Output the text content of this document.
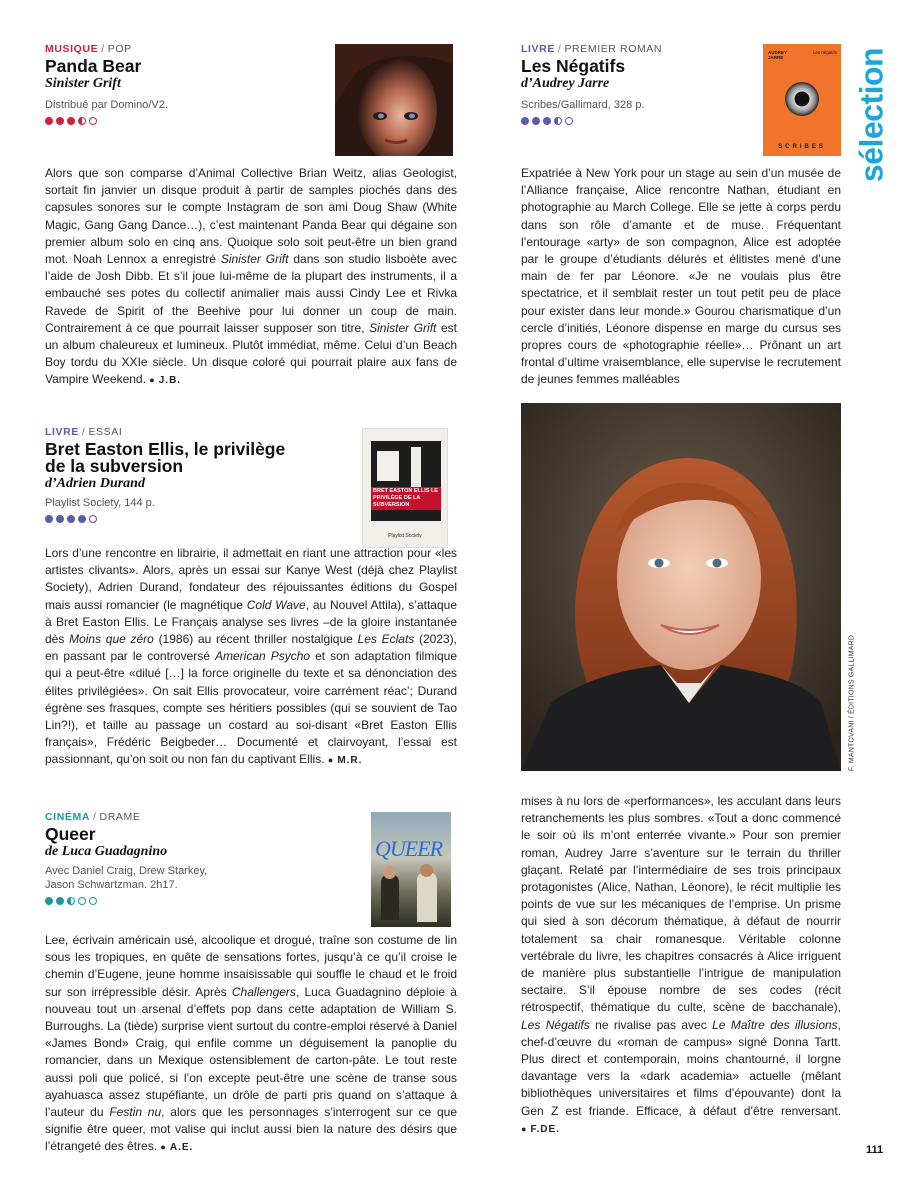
MUSIQUE / POP
Panda Bear
Sinister Grift
Distribué par Domino/V2.
Alors que son comparse d’Animal Collective Brian Weitz, alias Geologist, sortait fin janvier un disque produit à partir de samples piochés dans des capsules sonores sur le compte Instagram de son ami Doug Shaw (White Magic, Gang Gang Dance…), c’est maintenant Panda Bear qui dégaine son premier album solo en cinq ans. Quoique solo soit peut-être un bien grand mot. Noah Lennox a enregistré Sinister Grift dans son studio lisboète avec l’aide de Josh Dibb. Et s’il joue lui-même de la plupart des instruments, il a embauché ses potes du collectif animalier mais aussi Cindy Lee et Rivka Ravede de Spirit of the Beehive pour lui donner un coup de main. Contrairement à ce que pourrait laisser supposer son titre, Sinister Grift est un album chaleureux et lumineux. Plutôt immédiat, même. Celui d’un Beach Boy tordu du XXIe siècle. Un disque coloré qui pourrait plaire aux fans de Vampire Weekend. ● J.B.
LIVRE / ESSAI
Bret Easton Ellis, le privilège de la subversion
d’Adrien Durand
Playlist Society, 144 p.
BRET EASTON ELLIS LE PRIVILÈGE DE LA SUBVERSION
Playlist Society
Lors d’une rencontre en librairie, il admettait en riant une attraction pour «les artistes clivants». Alors, après un essai sur Kanye West (déjà chez Playlist Society), Adrien Durand, fondateur des réjouissantes éditions du Gospel mais aussi romancier (le magnétique Cold Wave, au Nouvel Attila), s’attaque à Bret Easton Ellis. Le Français analyse ses livres –de la gloire instantanée dès Moins que zéro (1986) au récent thriller nostalgique Les Eclats (2023), en passant par le controversé American Psycho et son adaptation filmique qui a peut-être «dilué […] la force originelle du texte et sa dénonciation des élites privilégiées». On sait Ellis provocateur, voire carrément réac’; Durand égrène ses frasques, compte ses héritiers possibles (qui se souvient de Tao Lin?!), et taille au passage un costard au soi-disant «Bret Easton Ellis français», Frédéric Beigbeder… Documenté et clairvoyant, l’essai est passionnant, qu’on soit ou non fan du captivant Ellis. ● M.R.
CINÉMA / DRAME
Queer
de Luca Guadagnino
Avec Daniel Craig, Drew Starkey, Jason Schwartzman. 2h17.
QUEER
Lee, écrivain américain usé, alcoolique et drogué, traîne son costume de lin sous les tropiques, en quête de sensations fortes, jusqu’à ce qu’il croise le chemin d’Eugene, jeune homme insaisissable qui souffle le chaud et le froid sur son irrépressible désir. Après Challengers, Luca Guadagnino déploie à nouveau tout un arsenal d’effets pop dans cette adaptation de William S. Burroughs. La (tiède) surprise vient surtout du contre-emploi réservé à Daniel «James Bond» Craig, qui enfile comme un déguisement la panoplie du romancier, dans un Mexique ostensiblement de carton-pâte. Le tout reste aussi poli que policé, si l’on excepte peut-être une scène de transe sous ayahuasca assez stupéfiante, un drôle de parti pris quand on s’attaque à l’auteur du Festin nu, alors que les personnages s’interrogent sur ce que signifie être queer, mot valise qui inclut aussi bien la nature des désirs que l’étrangeté des êtres. ● A.E.
LIVRE / PREMIER ROMAN
Les Négatifs
d’Audrey Jarre
Scribes/Gallimard, 328 p.
AUDREY JARRE
Les négatifs
SCRIBES sélection
Expatriée à New York pour un stage au sein d’un musée de l’Alliance française, Alice rencontre Nathan, étudiant en photographie au March College. Elle se jette à corps perdu dans son rôle d’amante et de muse. Fréquentant l’entourage «arty» de son compagnon, Alice est adoptée par le groupe d’étudiants délurés et élitistes mené d’une main de fer par Léonore. «Je ne voulais plus être spectatrice, et il semblait rester un tout petit peu de place pour exister dans leur monde.» Gourou charismatique d’un cercle d’initiés, Léonore dispense en marge du cursus ses propres cours de «photographie réelle»… Prônant un art frontal d’ultime vraisemblance, elle supervise le recrutement de jeunes femmes malléables
F. MANTOVANI / ÉDITIONS GALLIMARD
mises à nu lors de «performances», les acculant dans leurs retranchements les plus sombres. «Tout a donc commencé le soir où ils m’ont enterrée vivante.» Pour son premier roman, Audrey Jarre s’aventure sur le terrain du thriller glaçant. Relaté par l’intermédiaire de ses trois principaux protagonistes (Alice, Nathan, Léonore), le récit multiplie les points de vue sur les mécaniques de l’emprise. Un prisme qui sied à son décorum thématique, à défaut de nourrir totalement sa chair romanesque. Véritable colonne vertébrale du livre, les chapitres consacrés à Alice irriguent de manière plus substantielle l’intrigue de manipulation sectaire. S’il épouse nombre de ses codes (récit rétrospectif, thématique du culte, scène de bacchanale), Les Négatifs ne rivalise pas avec Le Maître des illusions, chef-d’œuvre du «roman de campus» signé Donna Tartt. Plus direct et contemporain, moins chantourné, il lorgne davantage vers la «dark academia» actuelle (mêlant bibliothèques universitaires et films d’épouvante) dont la Gen Z est friande. Efficace, à défaut d’être renversant. ● F.DE.
111
